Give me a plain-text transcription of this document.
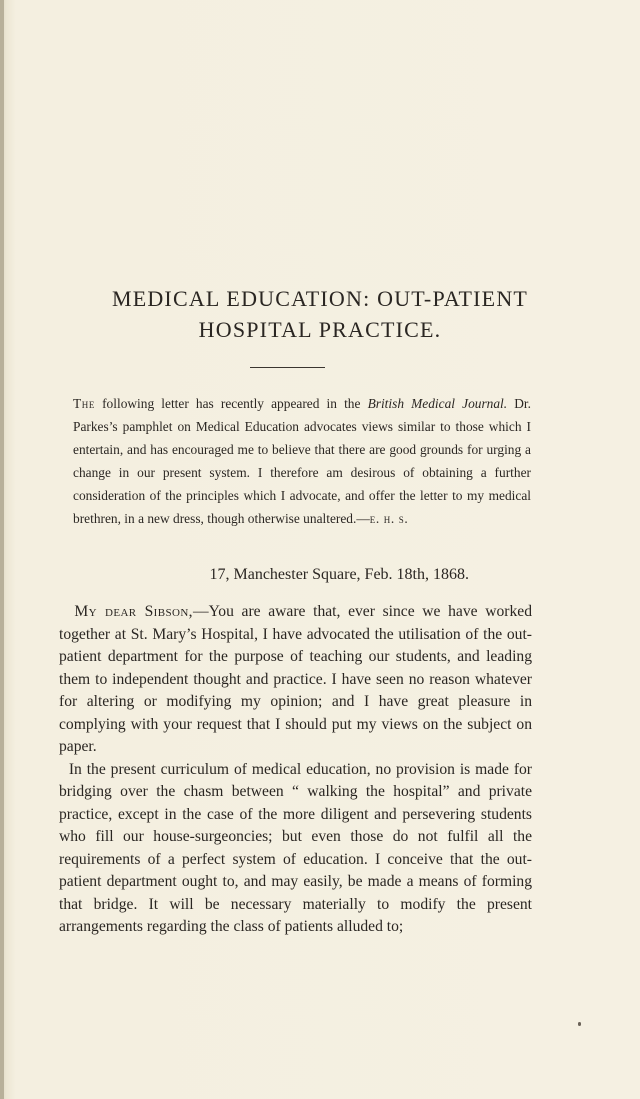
MEDICAL EDUCATION: OUT-PATIENT
HOSPITAL PRACTICE.

The following letter has recently appeared in the British Medical Journal. Dr. Parkes’s pamphlet on Medical Education advocates views similar to those which I entertain, and has encouraged me to believe that there are good grounds for urging a change in our present system. I therefore am desirous of obtaining a further consideration of the principles which I advocate, and offer the letter to my medical brethren, in a new dress, though otherwise unaltered.—e. h. s.

17, Manchester Square, Feb. 18th, 1868.

My dear Sibson,—You are aware that, ever since we have worked together at St. Mary’s Hospital, I have advocated the utilisation of the out-patient department for the purpose of teaching our students, and leading them to independent thought and practice. I have seen no reason whatever for altering or modifying my opinion; and I have great pleasure in complying with your request that I should put my views on the subject on paper.

In the present curriculum of medical education, no provision is made for bridging over the chasm between “ walking the hospital” and private practice, except in the case of the more diligent and persevering students who fill our house-surgeoncies; but even those do not fulfil all the requirements of a perfect system of education. I conceive that the out-patient department ought to, and may easily, be made a means of forming that bridge. It will be necessary materially to modify the present arrangements regarding the class of patients alluded to;
